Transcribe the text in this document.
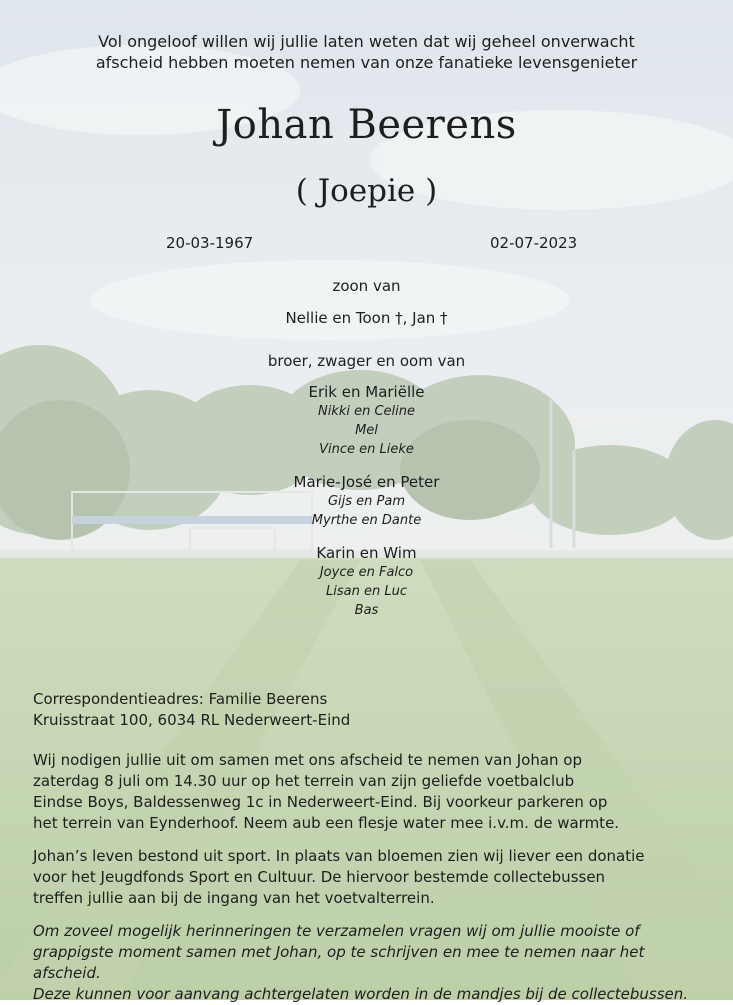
Vol ongeloof willen wij jullie laten weten dat wij geheel onverwacht
afscheid hebben moeten nemen van onze fanatieke levensgenieter
Johan Beerens
( Joepie )
20-03-1967	02-07-2023
zoon van
Nellie en Toon †, Jan †
broer, zwager en oom van
Erik en Mariëlle
Nikki en Celine
Mel
Vince en Lieke
Marie-José en Peter
Gijs en Pam
Myrthe en Dante
Karin en Wim
Joyce en Falco
Lisan en Luc
Bas
Correspondentieadres: Familie Beerens
Kruisstraat 100, 6034 RL Nederweert-Eind
Wij nodigen jullie uit om samen met ons afscheid te nemen van Johan op
zaterdag 8 juli om 14.30 uur op het terrein van zijn geliefde voetbalclub
Eindse Boys, Baldessenweg 1c in Nederweert-Eind. Bij voorkeur parkeren op
het terrein van Eynderhoof. Neem aub een flesje water mee i.v.m. de warmte.
Johan’s leven bestond uit sport. In plaats van bloemen zien wij liever een donatie
voor het Jeugdfonds Sport en Cultuur. De hiervoor bestemde collectebussen
treffen jullie aan bij de ingang van het voetvalterrein.
Om zoveel mogelijk herinneringen te verzamelen vragen wij om jullie mooiste of
grappigste moment samen met Johan, op te schrijven en mee te nemen naar het afscheid.
Deze kunnen voor aanvang achtergelaten worden in de mandjes bij de collectebussen.
